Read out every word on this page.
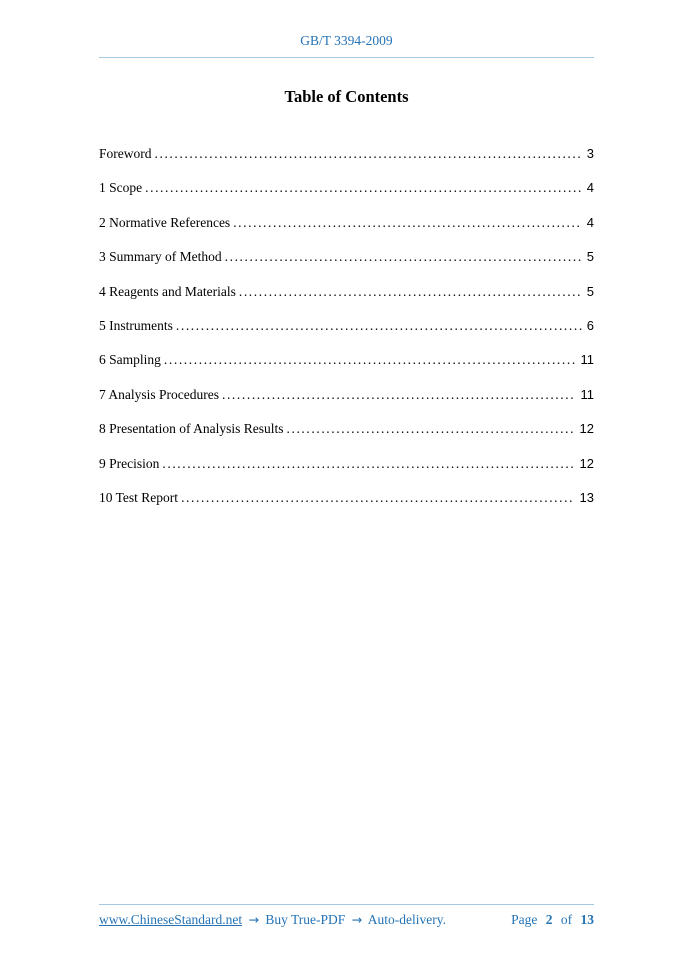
GB/T 3394-2009
Table of Contents
Foreword .....	3
1 Scope .....	4
2 Normative References .....	4
3 Summary of Method .....	5
4 Reagents and Materials .....	5
5 Instruments .....	6
6 Sampling .....	11
7 Analysis Procedures .....	11
8 Presentation of Analysis Results .....	12
9 Precision .....	12
10 Test Report .....	13
www.ChineseStandard.net → Buy True-PDF → Auto-delivery.	Page 2 of 13
